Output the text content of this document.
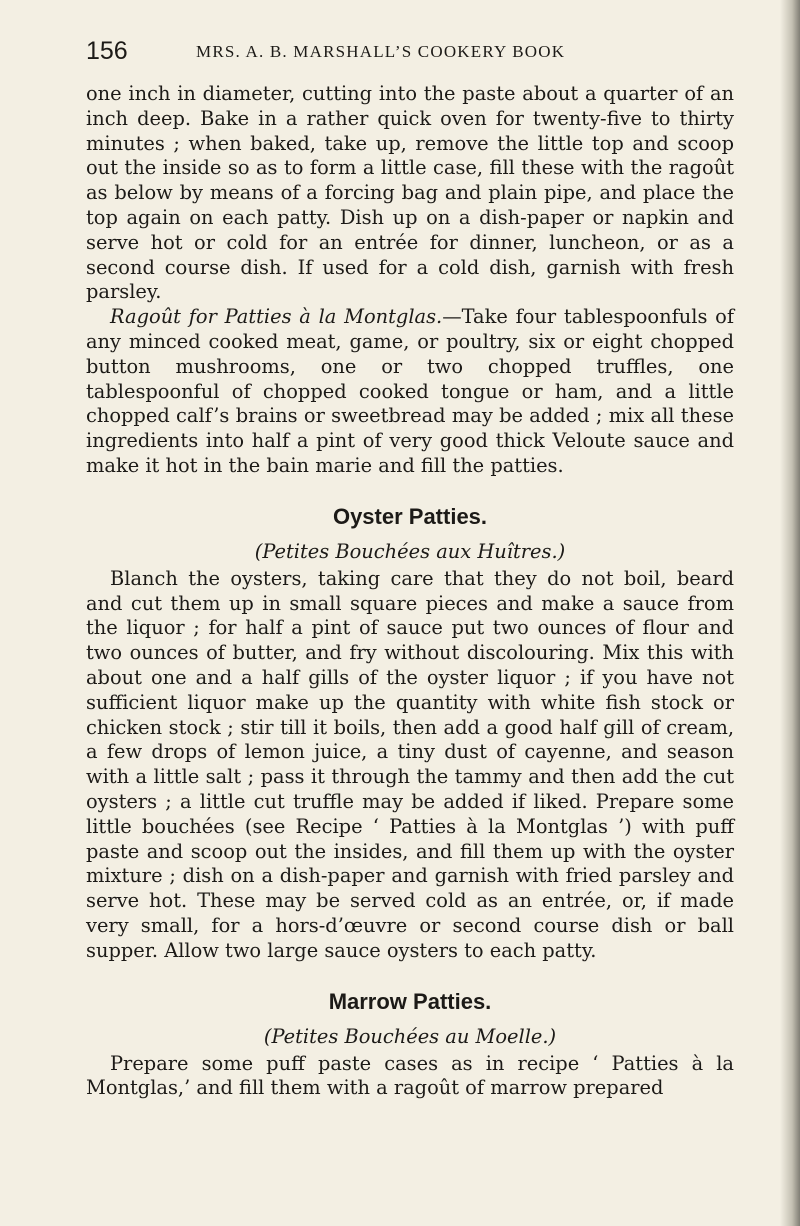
156	MRS. A. B. MARSHALL’S COOKERY BOOK

one inch in diameter, cutting into the paste about a quarter of an inch deep. Bake in a rather quick oven for twenty-five to thirty minutes ; when baked, take up, remove the little top and scoop out the inside so as to form a little case, fill these with the ragoût as below by means of a forcing bag and plain pipe, and place the top again on each patty. Dish up on a dish-paper or napkin and serve hot or cold for an entrée for dinner, luncheon, or as a second course dish. If used for a cold dish, garnish with fresh parsley.

Ragoût for Patties à la Montglas.—Take four tablespoonfuls of any minced cooked meat, game, or poultry, six or eight chopped button mushrooms, one or two chopped truffles, one tablespoonful of chopped cooked tongue or ham, and a little chopped calf’s brains or sweetbread may be added ; mix all these ingredients into half a pint of very good thick Veloute sauce and make it hot in the bain marie and fill the patties.

Oyster Patties.
(Petites Bouchées aux Huîtres.)

Blanch the oysters, taking care that they do not boil, beard and cut them up in small square pieces and make a sauce from the liquor ; for half a pint of sauce put two ounces of flour and two ounces of butter, and fry without discolouring. Mix this with about one and a half gills of the oyster liquor ; if you have not sufficient liquor make up the quantity with white fish stock or chicken stock ; stir till it boils, then add a good half gill of cream, a few drops of lemon juice, a tiny dust of cayenne, and season with a little salt ; pass it through the tammy and then add the cut oysters ; a little cut truffle may be added if liked. Prepare some little bouchées (see Recipe ‘ Patties à la Montglas ’) with puff paste and scoop out the insides, and fill them up with the oyster mixture ; dish on a dish-paper and garnish with fried parsley and serve hot. These may be served cold as an entrée, or, if made very small, for a hors-d’œuvre or second course dish or ball supper. Allow two large sauce oysters to each patty.

Marrow Patties.
(Petites Bouchées au Moelle.)

Prepare some puff paste cases as in recipe ‘ Patties à la Montglas,’ and fill them with a ragoût of marrow prepared
